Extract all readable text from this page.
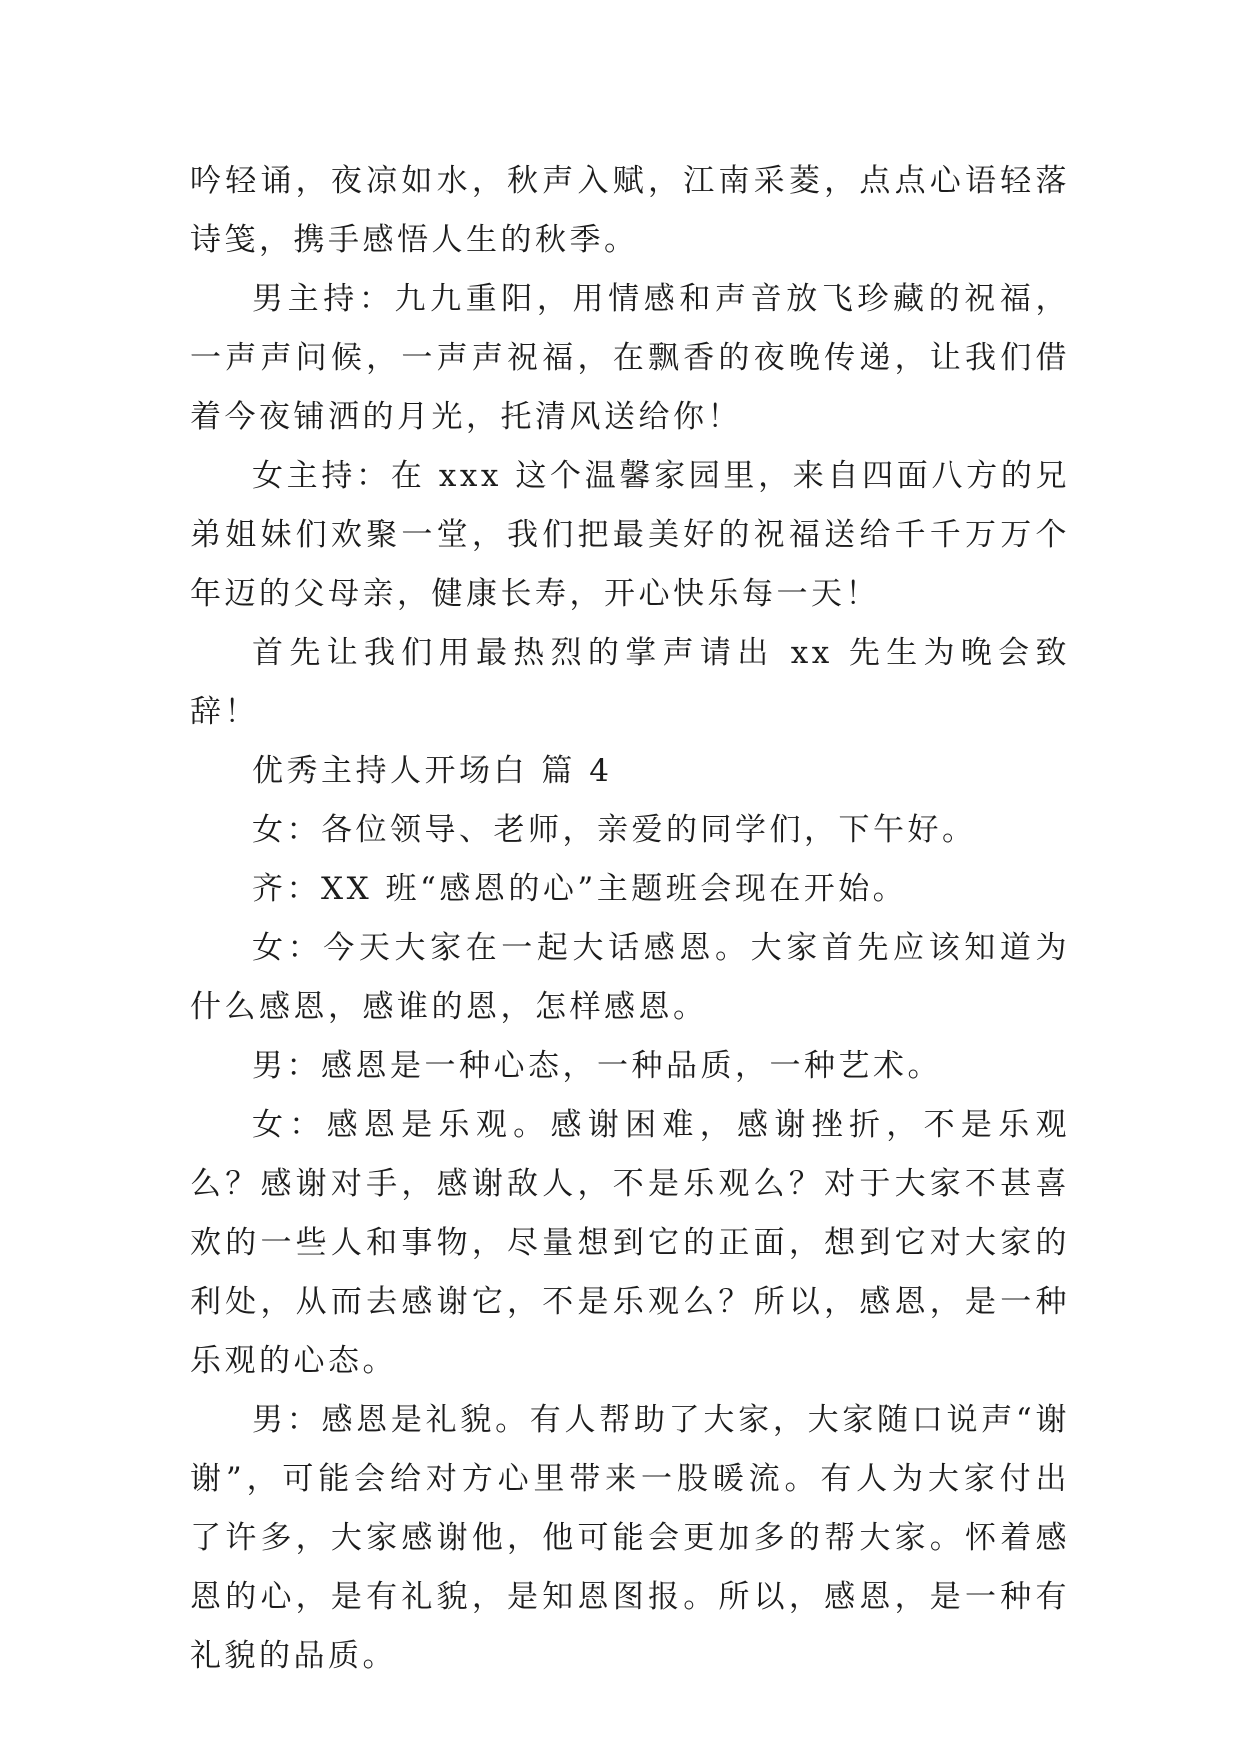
吟轻诵，夜凉如水，秋声入赋，江南采菱，点点心语轻落诗笺，携手感悟人生的秋季。

男主持：九九重阳，用情感和声音放飞珍藏的祝福，一声声问候，一声声祝福，在飘香的夜晚传递，让我们借着今夜铺洒的月光，托清风送给你！

女主持：在 xxx 这个温馨家园里，来自四面八方的兄弟姐妹们欢聚一堂，我们把最美好的祝福送给千千万万个年迈的父母亲，健康长寿，开心快乐每一天！

首先让我们用最热烈的掌声请出 xx 先生为晚会致辞！

优秀主持人开场白 篇 4

女：各位领导、老师，亲爱的同学们，下午好。

齐：XX 班“感恩的心”主题班会现在开始。

女：今天大家在一起大话感恩。大家首先应该知道为什么感恩，感谁的恩，怎样感恩。

男：感恩是一种心态，一种品质，一种艺术。

女：感恩是乐观。感谢困难，感谢挫折，不是乐观么？感谢对手，感谢敌人，不是乐观么？对于大家不甚喜欢的一些人和事物，尽量想到它的正面，想到它对大家的利处，从而去感谢它，不是乐观么？所以，感恩，是一种乐观的心态。

男：感恩是礼貌。有人帮助了大家，大家随口说声“谢谢”，可能会给对方心里带来一股暖流。有人为大家付出了许多，大家感谢他，他可能会更加多的帮大家。怀着感恩的心，是有礼貌，是知恩图报。所以，感恩，是一种有礼貌的品质。
